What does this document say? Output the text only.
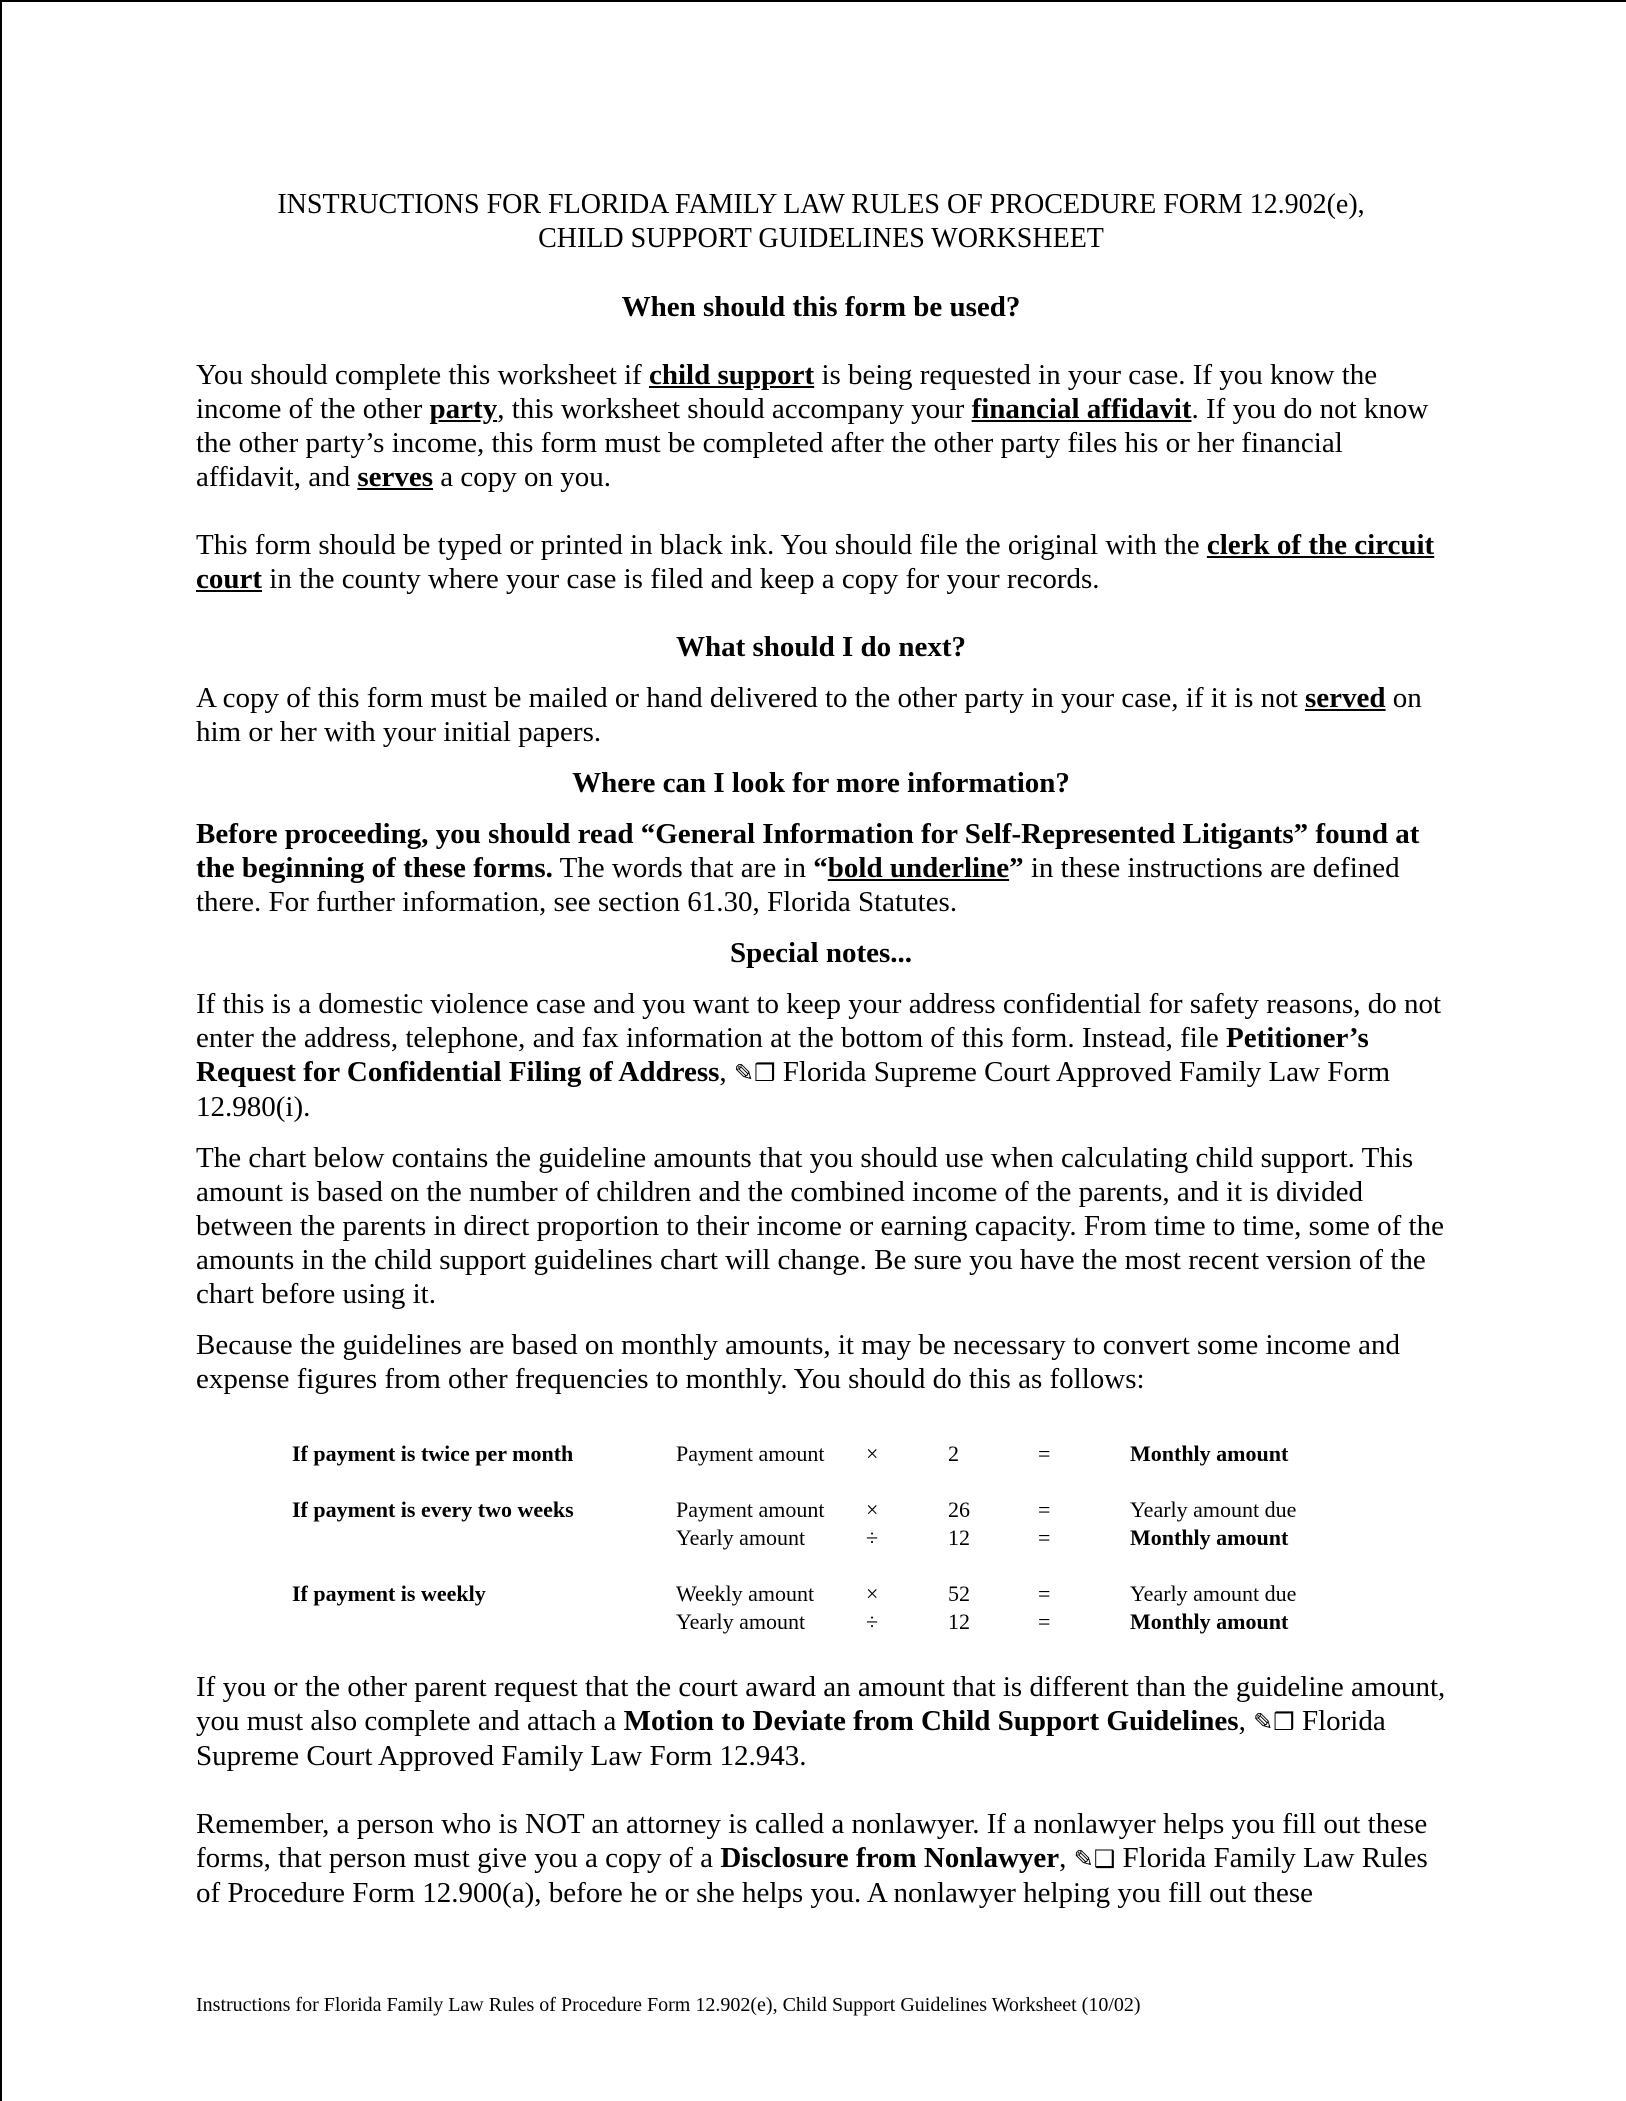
INSTRUCTIONS FOR FLORIDA FAMILY LAW RULES OF PROCEDURE FORM 12.902(e),
CHILD SUPPORT GUIDELINES WORKSHEET

When should this form be used?

You should complete this worksheet if child support is being requested in your case. If you know the income of the other party, this worksheet should accompany your financial affidavit. If you do not know the other party’s income, this form must be completed after the other party files his or her financial affidavit, and serves a copy on you.

This form should be typed or printed in black ink. You should file the original with the clerk of the circuit court in the county where your case is filed and keep a copy for your records.

What should I do next?

A copy of this form must be mailed or hand delivered to the other party in your case, if it is not served on him or her with your initial papers.

Where can I look for more information?

Before proceeding, you should read “General Information for Self-Represented Litigants” found at the beginning of these forms. The words that are in “bold underline” in these instructions are defined there. For further information, see section 61.30, Florida Statutes.

Special notes...

If this is a domestic violence case and you want to keep your address confidential for safety reasons, do not enter the address, telephone, and fax information at the bottom of this form. Instead, file Petitioner’s Request for Confidential Filing of Address, ✎❒ Florida Supreme Court Approved Family Law Form 12.980(i).

The chart below contains the guideline amounts that you should use when calculating child support. This amount is based on the number of children and the combined income of the parents, and it is divided between the parents in direct proportion to their income or earning capacity. From time to time, some of the amounts in the child support guidelines chart will change. Be sure you have the most recent version of the chart before using it.

Because the guidelines are based on monthly amounts, it may be necessary to convert some income and expense figures from other frequencies to monthly. You should do this as follows:

If payment is twice per month	Payment amount	×	2	=	Monthly amount

If payment is every two weeks	Payment amount	×	26	=	Yearly amount due
	Yearly amount	÷	12	=	Monthly amount

If payment is weekly	Weekly amount	×	52	=	Yearly amount due
	Yearly amount	÷	12	=	Monthly amount

If you or the other parent request that the court award an amount that is different than the guideline amount, you must also complete and attach a Motion to Deviate from Child Support Guidelines, ✎❒ Florida Supreme Court Approved Family Law Form 12.943.

Remember, a person who is NOT an attorney is called a nonlawyer. If a nonlawyer helps you fill out these forms, that person must give you a copy of a Disclosure from Nonlawyer, ✎❑ Florida Family Law Rules of Procedure Form 12.900(a), before he or she helps you. A nonlawyer helping you fill out these

Instructions for Florida Family Law Rules of Procedure Form 12.902(e), Child Support Guidelines Worksheet (10/02)
